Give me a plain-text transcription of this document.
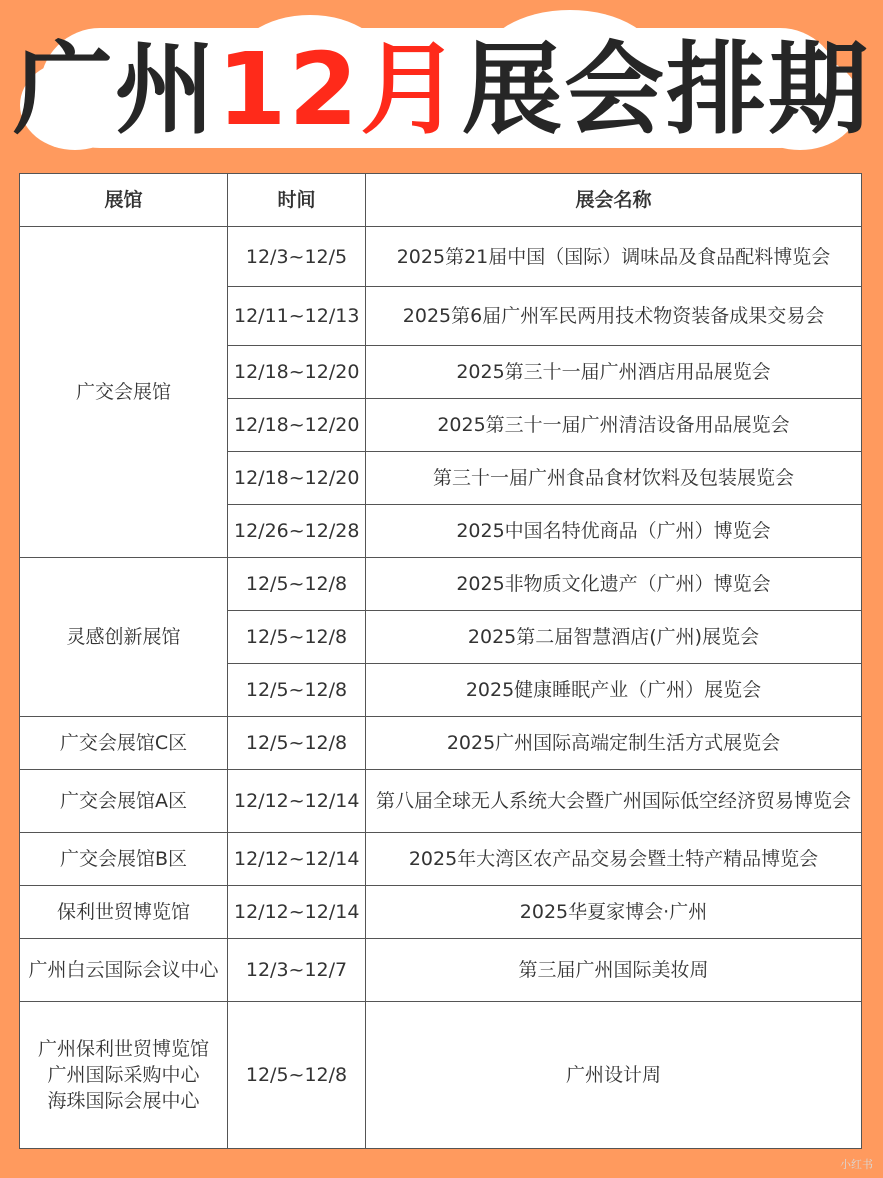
广州12月展会排期
展馆	时间	展会名称
广交会展馆	12/3~12/5	2025第21届中国（国际）调味品及食品配料博览会
	12/11~12/13	2025第6届广州军民两用技术物资装备成果交易会
	12/18~12/20	2025第三十一届广州酒店用品展览会
	12/18~12/20	2025第三十一届广州清洁设备用品展览会
	12/18~12/20	第三十一届广州食品食材饮料及包装展览会
	12/26~12/28	2025中国名特优商品（广州）博览会
灵感创新展馆	12/5~12/8	2025非物质文化遗产（广州）博览会
	12/5~12/8	2025第二届智慧酒店(广州)展览会
	12/5~12/8	2025健康睡眠产业（广州）展览会
广交会展馆C区	12/5~12/8	2025广州国际高端定制生活方式展览会
广交会展馆A区	12/12~12/14	第八届全球无人系统大会暨广州国际低空经济贸易博览会
广交会展馆B区	12/12~12/14	2025年大湾区农产品交易会暨土特产精品博览会
保利世贸博览馆	12/12~12/14	2025华夏家博会·广州
广州白云国际会议中心	12/3~12/7	第三届广州国际美妆周
广州保利世贸博览馆
广州国际采购中心
海珠国际会展中心	12/5~12/8	广州设计周
小红书
